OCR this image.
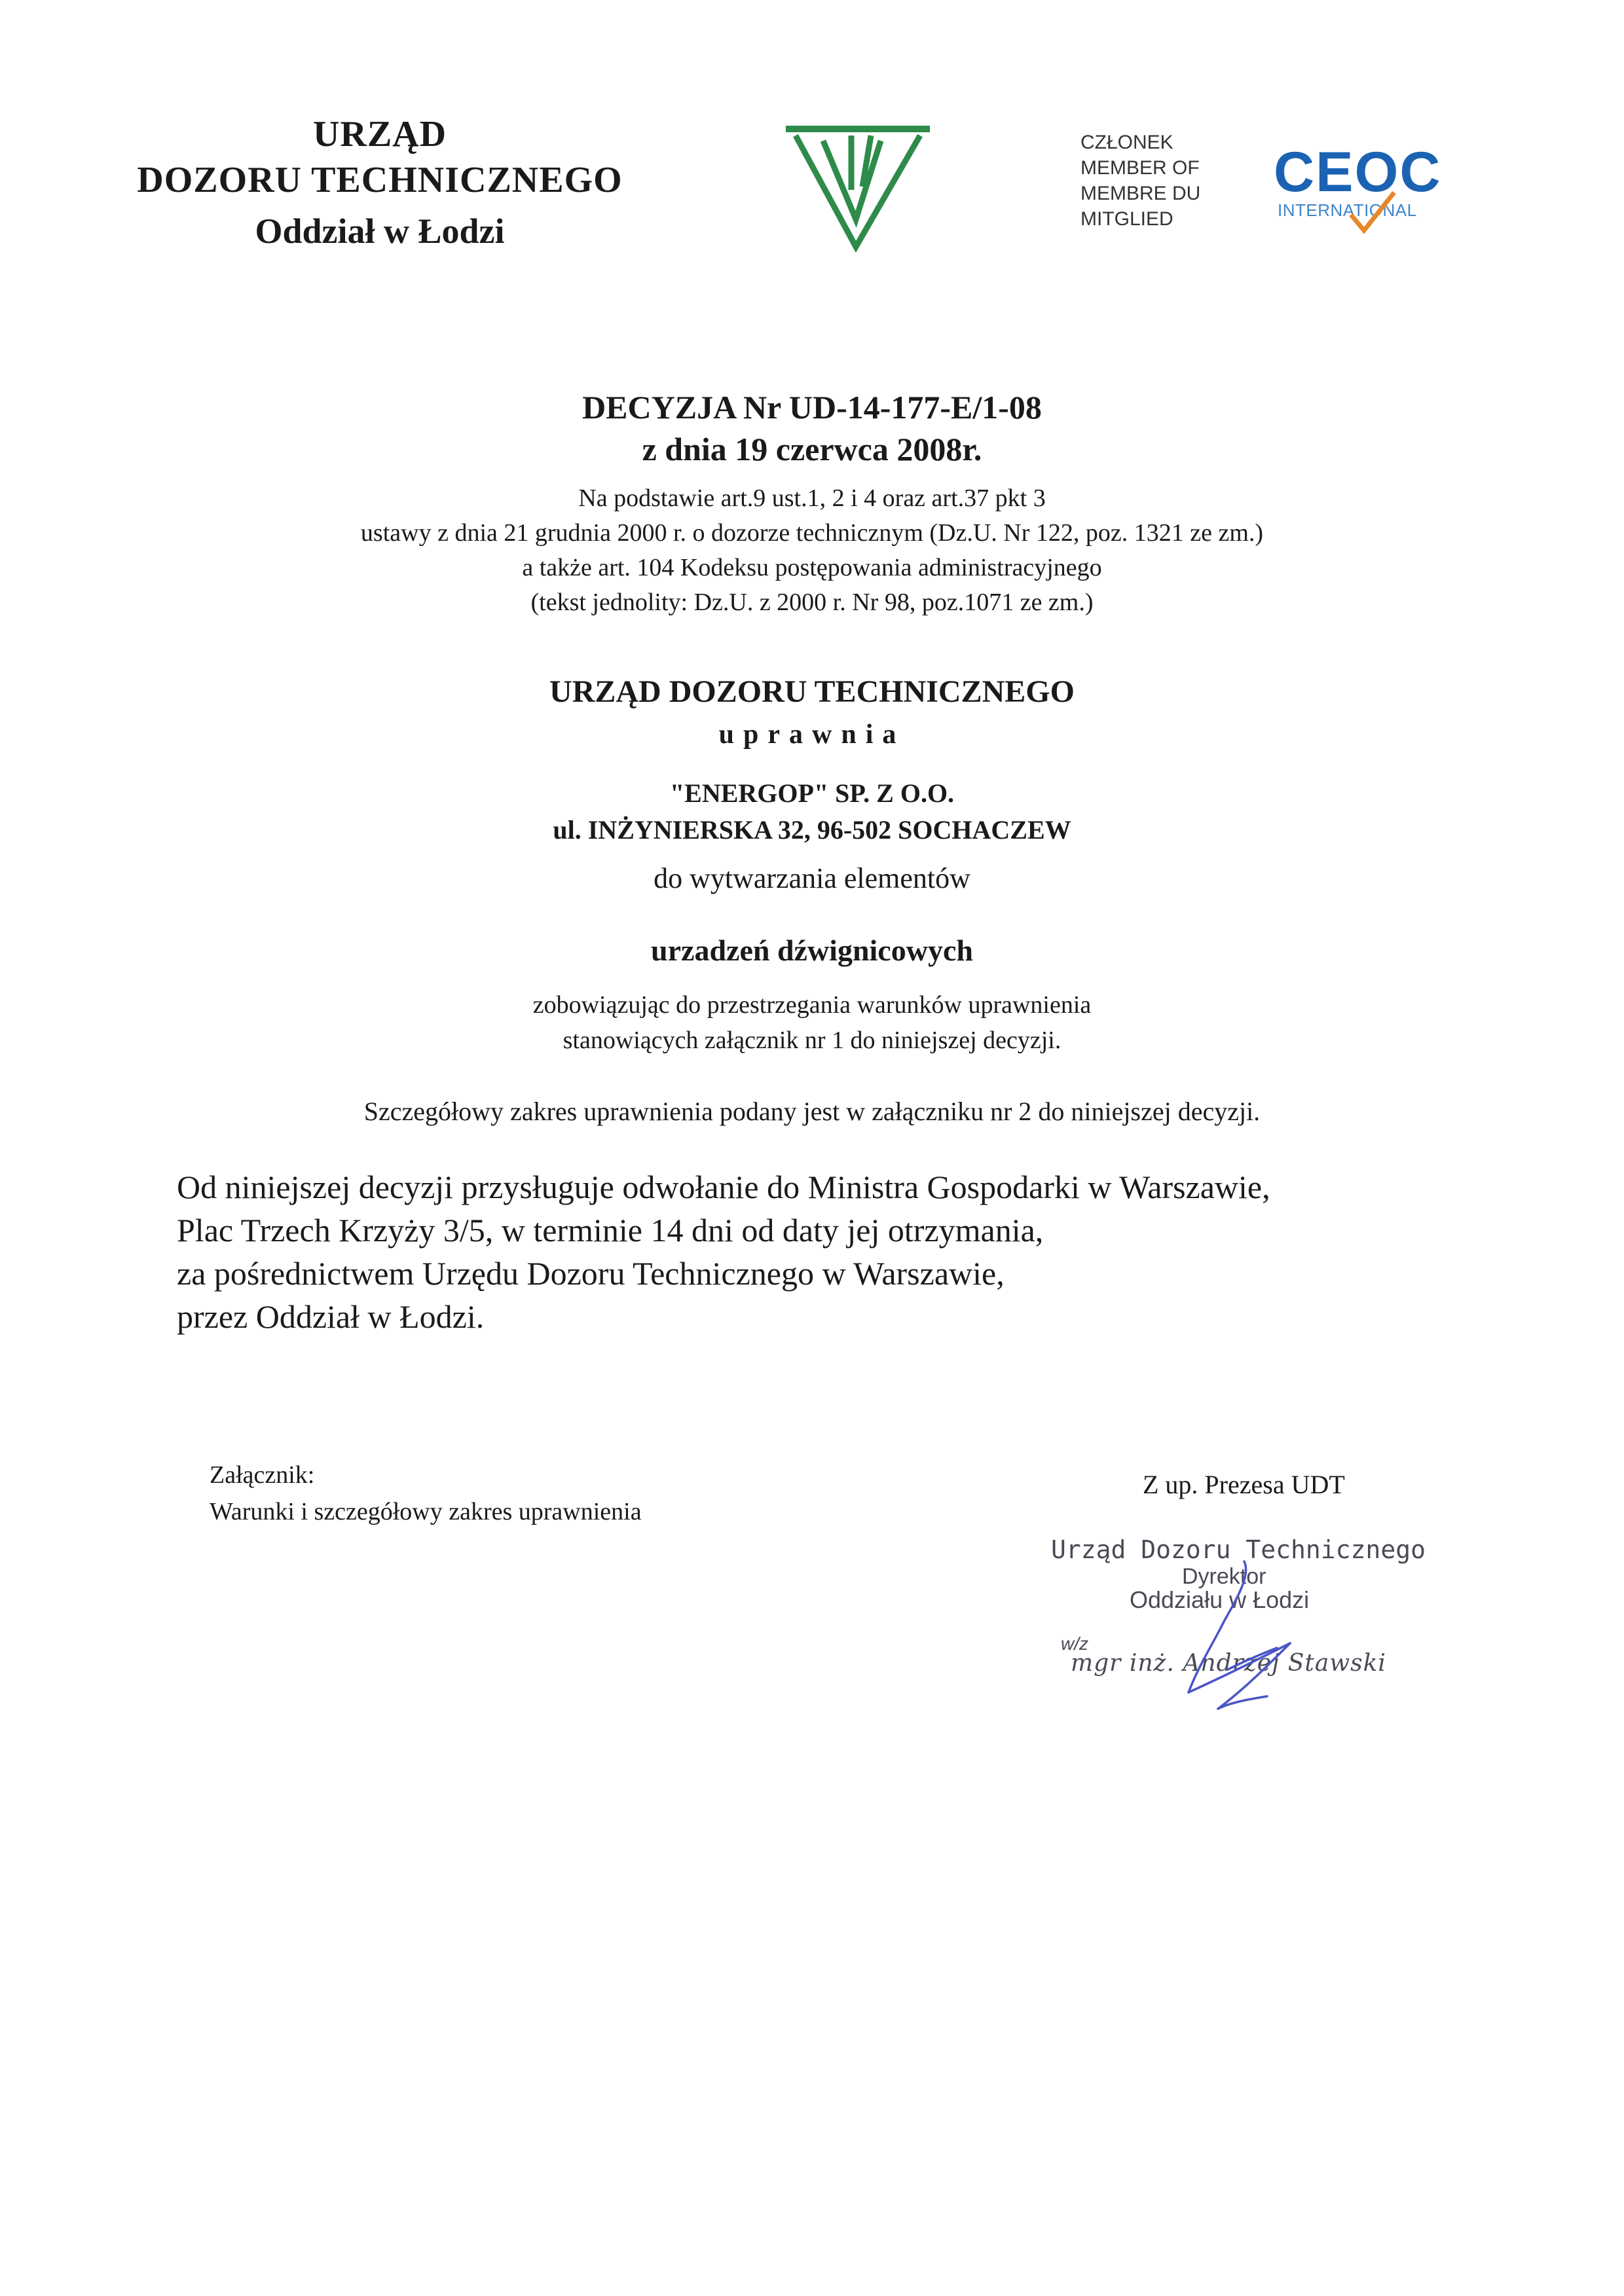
URZĄD
DOZORU TECHNICZNEGO
Oddział w Łodzi
CZŁONEK
MEMBER OF
MEMBRE DU
MITGLIED
CEOC
INTERNATIONAL
DECYZJA Nr UD-14-177-E/1-08
z dnia 19 czerwca 2008r.
Na podstawie art.9 ust.1, 2 i 4 oraz art.37 pkt 3
ustawy z dnia 21 grudnia 2000 r. o dozorze technicznym (Dz.U. Nr 122, poz. 1321 ze zm.)
a także art. 104 Kodeksu postępowania administracyjnego
(tekst jednolity: Dz.U. z 2000 r. Nr 98, poz.1071 ze zm.)
URZĄD DOZORU TECHNICZNEGO
uprawnia
"ENERGOP" SP. Z O.O.
ul. INŻYNIERSKA 32, 96-502 SOCHACZEW
do wytwarzania elementów
urzadzeń dźwignicowych
zobowiązując do przestrzegania warunków uprawnienia
stanowiących załącznik nr 1 do niniejszej decyzji.
Szczegółowy zakres uprawnienia podany jest w załączniku nr 2 do niniejszej decyzji.
Od niniejszej decyzji przysługuje odwołanie do Ministra Gospodarki w Warszawie,
Plac Trzech Krzyży 3/5, w terminie 14 dni od daty jej otrzymania,
za pośrednictwem Urzędu Dozoru Technicznego w Warszawie,
przez Oddział w Łodzi.
Załącznik:
Warunki i szczegółowy zakres uprawnienia
Z up. Prezesa UDT
Urząd Dozoru Technicznego
Dyrektor
Oddziału w Łodzi
w/z
mgr inż. Andrzej Stawski
